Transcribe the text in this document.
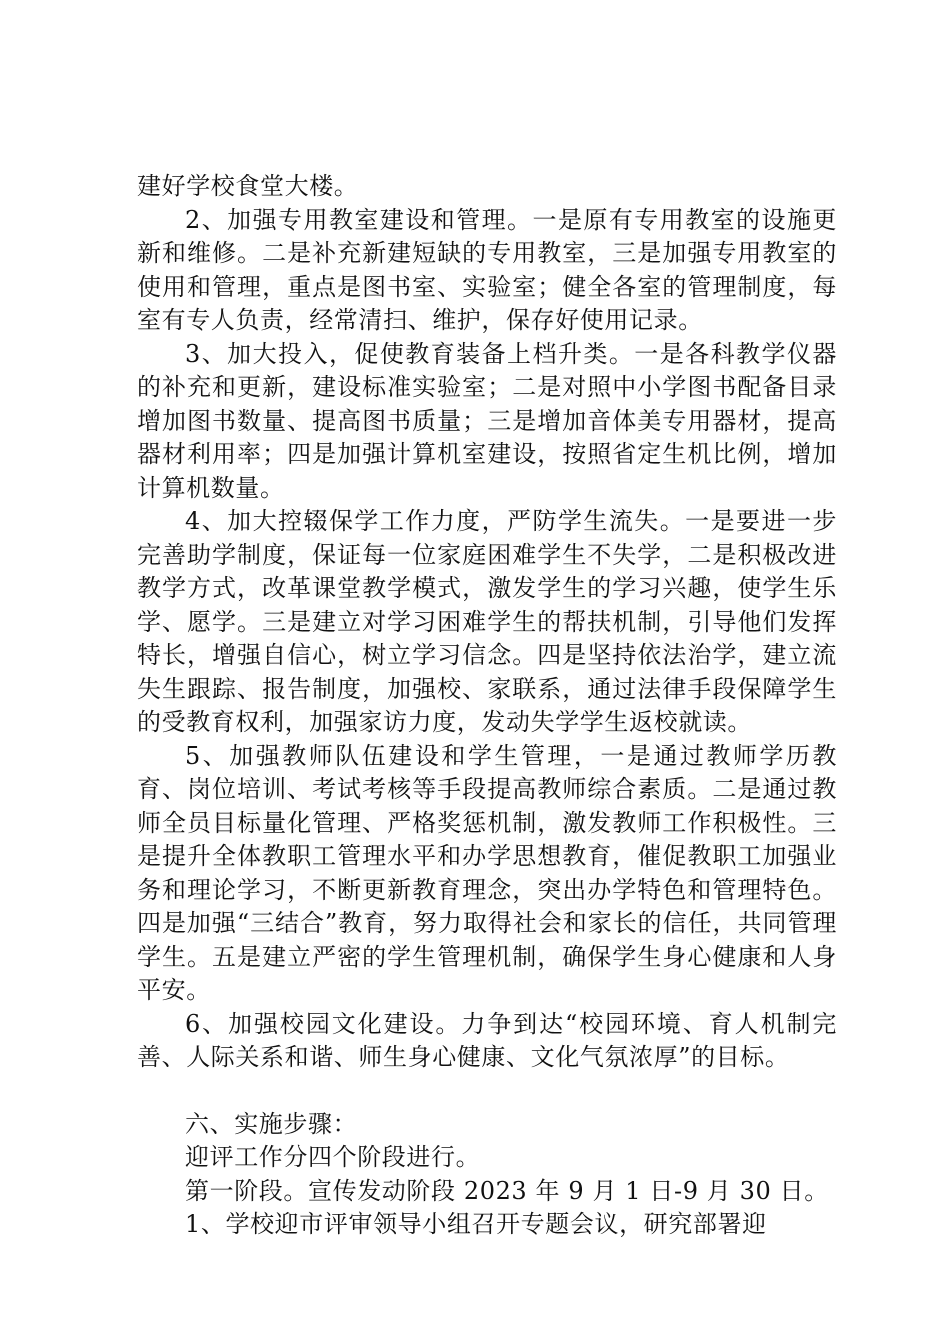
建好学校食堂大楼。

2、加强专用教室建设和管理。一是原有专用教室的设施更新和维修。二是补充新建短缺的专用教室，三是加强专用教室的使用和管理，重点是图书室、实验室；健全各室的管理制度，每室有专人负责，经常清扫、维护，保存好使用记录。

3、加大投入，促使教育装备上档升类。一是各科教学仪器的补充和更新，建设标准实验室；二是对照中小学图书配备目录增加图书数量、提高图书质量；三是增加音体美专用器材，提高器材利用率；四是加强计算机室建设，按照省定生机比例，增加计算机数量。

4、加大控辍保学工作力度，严防学生流失。一是要进一步完善助学制度，保证每一位家庭困难学生不失学，二是积极改进教学方式，改革课堂教学模式，激发学生的学习兴趣，使学生乐学、愿学。三是建立对学习困难学生的帮扶机制，引导他们发挥特长，增强自信心，树立学习信念。四是坚持依法治学，建立流失生跟踪、报告制度，加强校、家联系，通过法律手段保障学生的受教育权利，加强家访力度，发动失学学生返校就读。

5、加强教师队伍建设和学生管理，一是通过教师学历教育、岗位培训、考试考核等手段提高教师综合素质。二是通过教师全员目标量化管理、严格奖惩机制，激发教师工作积极性。三是提升全体教职工管理水平和办学思想教育，催促教职工加强业务和理论学习，不断更新教育理念，突出办学特色和管理特色。四是加强“三结合”教育，努力取得社会和家长的信任，共同管理学生。五是建立严密的学生管理机制，确保学生身心健康和人身平安。

6、加强校园文化建设。力争到达“校园环境、育人机制完善、人际关系和谐、师生身心健康、文化气氛浓厚”的目标。

六、实施步骤：

迎评工作分四个阶段进行。

第一阶段。宣传发动阶段 2023 年 9 月 1 日-9 月 30 日。

1、学校迎市评审领导小组召开专题会议，研究部署迎
